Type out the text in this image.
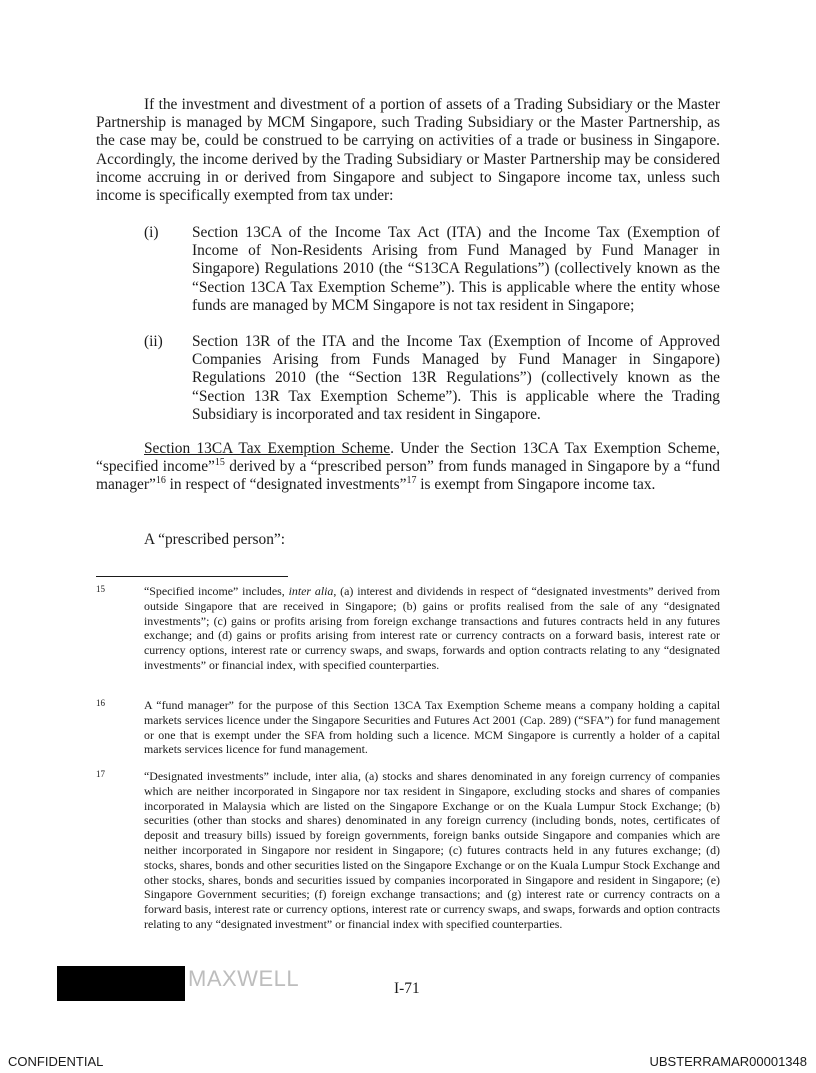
If the investment and divestment of a portion of assets of a Trading Subsidiary or the Master Partnership is managed by MCM Singapore, such Trading Subsidiary or the Master Partnership, as the case may be, could be construed to be carrying on activities of a trade or business in Singapore. Accordingly, the income derived by the Trading Subsidiary or Master Partnership may be considered income accruing in or derived from Singapore and subject to Singapore income tax, unless such income is specifically exempted from tax under:
(i) Section 13CA of the Income Tax Act (ITA) and the Income Tax (Exemption of Income of Non-Residents Arising from Fund Managed by Fund Manager in Singapore) Regulations 2010 (the “S13CA Regulations”) (collectively known as the “Section 13CA Tax Exemption Scheme”). This is applicable where the entity whose funds are managed by MCM Singapore is not tax resident in Singapore;
(ii) Section 13R of the ITA and the Income Tax (Exemption of Income of Approved Companies Arising from Funds Managed by Fund Manager in Singapore) Regulations 2010 (the “Section 13R Regulations”) (collectively known as the “Section 13R Tax Exemption Scheme”). This is applicable where the Trading Subsidiary is incorporated and tax resident in Singapore.
Section 13CA Tax Exemption Scheme. Under the Section 13CA Tax Exemption Scheme, “specified income”$^{15}$ derived by a “prescribed person” from funds managed in Singapore by a “fund manager”$^{16}$ in respect of “designated investments”$^{17}$ is exempt from Singapore income tax.
A “prescribed person”:
15	“Specified income” includes, inter alia, (a) interest and dividends in respect of “designated investments” derived from outside Singapore that are received in Singapore; (b) gains or profits realised from the sale of any “designated investments”; (c) gains or profits arising from foreign exchange transactions and futures contracts held in any futures exchange; and (d) gains or profits arising from interest rate or currency contracts on a forward basis, interest rate or currency options, interest rate or currency swaps, and swaps, forwards and option contracts relating to any “designated investments” or financial index, with specified counterparties.
16	A “fund manager” for the purpose of this Section 13CA Tax Exemption Scheme means a company holding a capital markets services licence under the Singapore Securities and Futures Act 2001 (Cap. 289) (“SFA”) for fund management or one that is exempt under the SFA from holding such a licence. MCM Singapore is currently a holder of a capital markets services licence for fund management.
17	“Designated investments” include, inter alia, (a) stocks and shares denominated in any foreign currency of companies which are neither incorporated in Singapore nor tax resident in Singapore, excluding stocks and shares of companies incorporated in Malaysia which are listed on the Singapore Exchange or on the Kuala Lumpur Stock Exchange; (b) securities (other than stocks and shares) denominated in any foreign currency (including bonds, notes, certificates of deposit and treasury bills) issued by foreign governments, foreign banks outside Singapore and companies which are neither incorporated in Singapore nor resident in Singapore; (c) futures contracts held in any futures exchange; (d) stocks, shares, bonds and other securities listed on the Singapore Exchange or on the Kuala Lumpur Stock Exchange and other stocks, shares, bonds and securities issued by companies incorporated in Singapore and resident in Singapore; (e) Singapore Government securities; (f) foreign exchange transactions; and (g) interest rate or currency contracts on a forward basis, interest rate or currency options, interest rate or currency swaps, and swaps, forwards and option contracts relating to any “designated investment” or financial index with specified counterparties.
MAXWELL	I-71
CONFIDENTIAL	UBSTERRAMAR00001348
